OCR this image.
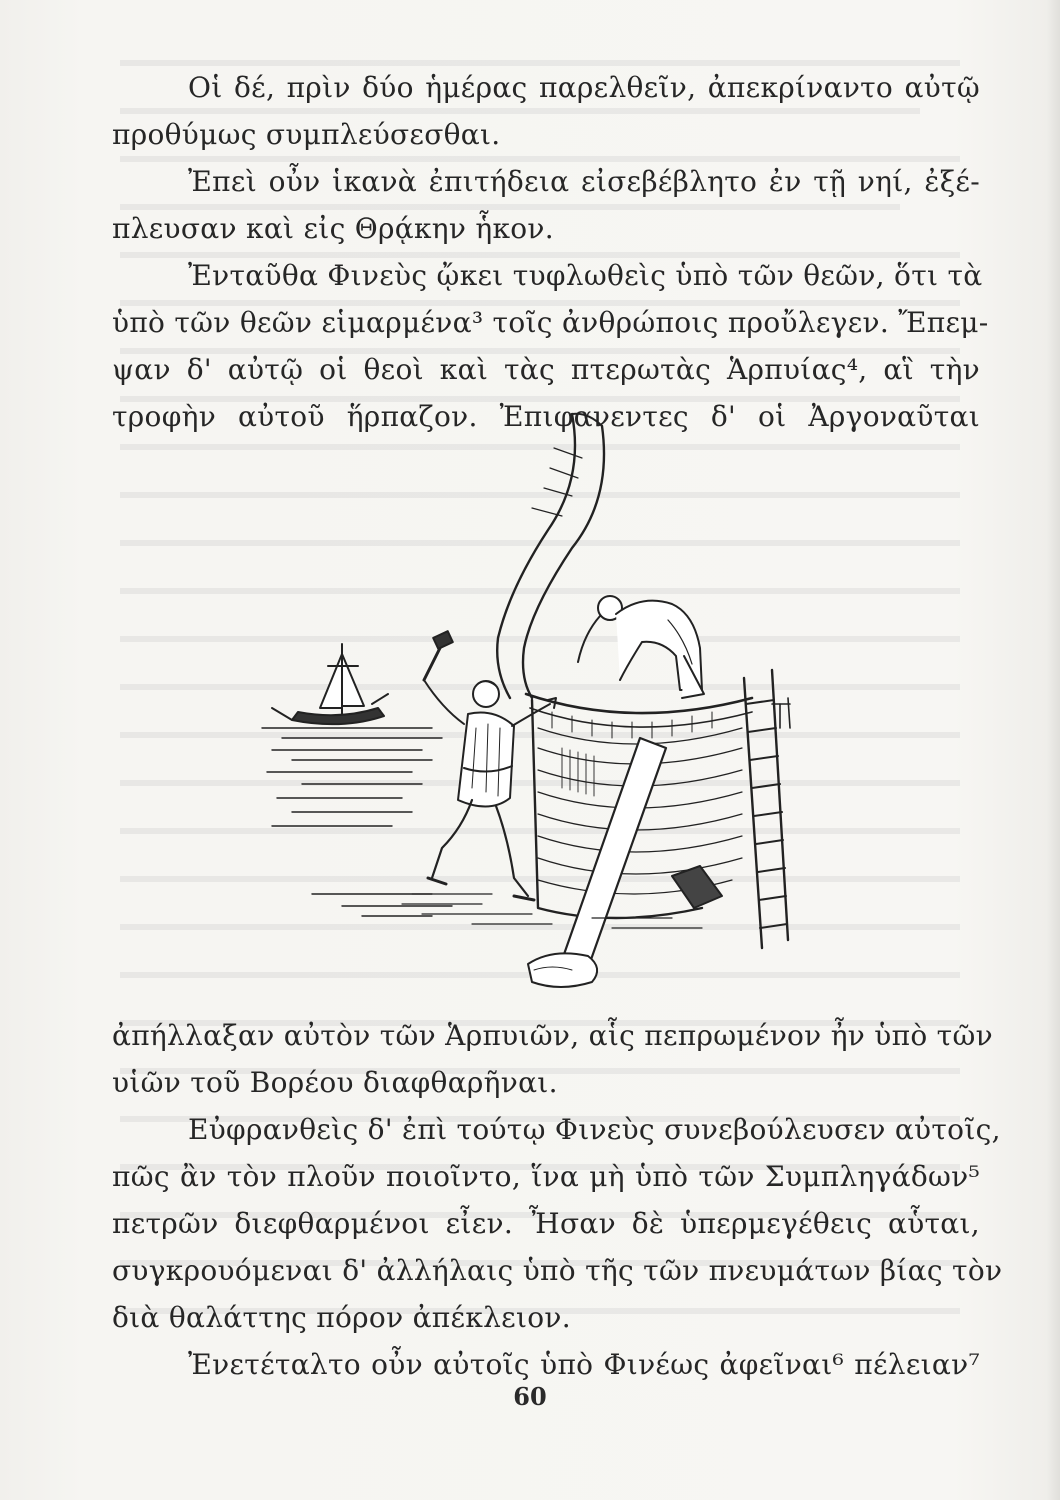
Οἱ δέ, πρὶν δύο ἡμέρας παρελθεῖν, ἀπεκρίναντο αὐτῷ
προθύμως συμπλεύσεσθαι.
Ἐπεὶ οὖν ἱκανὰ ἐπιτήδεια εἰσεβέβλητο ἐν τῇ νηί, ἐξέ-
πλευσαν καὶ εἰς Θρᾴκην ἧκον.
Ἐνταῦθα Φινεὺς ᾤκει τυφλωθεὶς ὑπὸ τῶν θεῶν, ὅτι τὰ
ὑπὸ τῶν θεῶν εἱμαρμένα³ τοῖς ἀνθρώποις προὔλεγεν. Ἔπεμ-
ψαν δ' αὐτῷ οἱ θεοὶ καὶ τὰς πτερωτὰς Ἁρπυίας⁴, αἳ τὴν
τροφὴν αὐτοῦ ἥρπαζον. Ἐπιφανεντες δ' οἱ Ἀργοναῦται
ἀπήλλαξαν αὐτὸν τῶν Ἁρπυιῶν, αἷς πεπρωμένον ἦν ὑπὸ τῶν
υἱῶν τοῦ Βορέου διαφθαρῆναι.
Εὐφρανθεὶς δ' ἐπὶ τούτῳ Φινεὺς συνεβούλευσεν αὐτοῖς,
πῶς ἂν τὸν πλοῦν ποιοῖντο, ἵνα μὴ ὑπὸ τῶν Συμπληγάδων⁵
πετρῶν διεφθαρμένοι εἶεν. Ἦσαν δὲ ὑπερμεγέθεις αὗται,
συγκρουόμεναι δ' ἀλλήλαις ὑπὸ τῆς τῶν πνευμάτων βίας τὸν
διὰ θαλάττης πόρον ἀπέκλειον.
Ἐνετέταλτο οὖν αὐτοῖς ὑπὸ Φινέως ἀφεῖναι⁶ πέλειαν⁷
60
